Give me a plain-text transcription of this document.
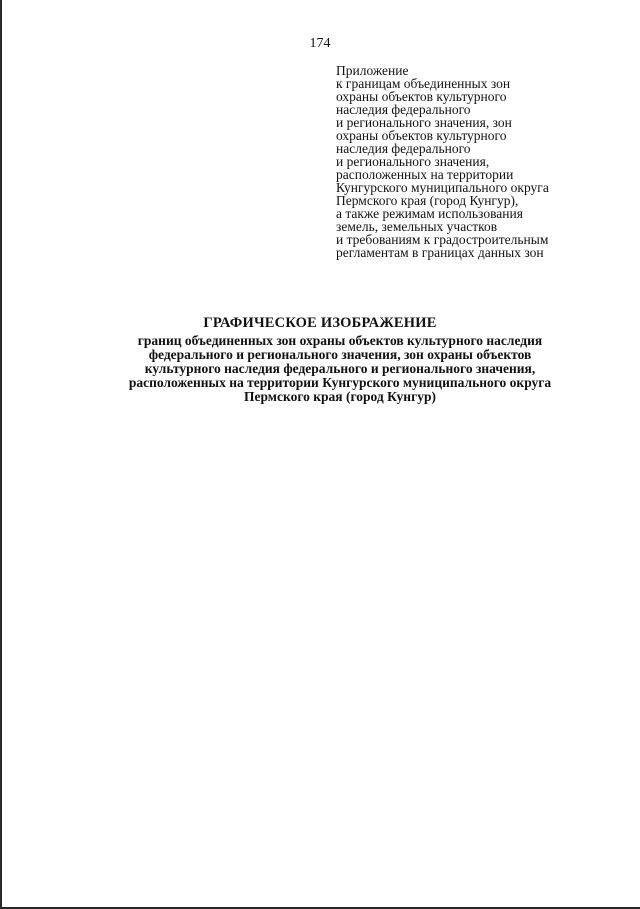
174
Приложение
к границам объединенных зон
охраны объектов культурного
наследия федерального
и регионального значения, зон
охраны объектов культурного
наследия федерального
и регионального значения,
расположенных на территории
Кунгурского муниципального округа
Пермского края (город Кунгур),
а также режимам использования
земель, земельных участков
и требованиям к градостроительным
регламентам в границах данных зон
ГРАФИЧЕСКОЕ ИЗОБРАЖЕНИЕ
границ объединенных зон охраны объектов культурного наследия
федерального и регионального значения, зон охраны объектов
культурного наследия федерального и регионального значения,
расположенных на территории Кунгурского муниципального округа
Пермского края (город Кунгур)
